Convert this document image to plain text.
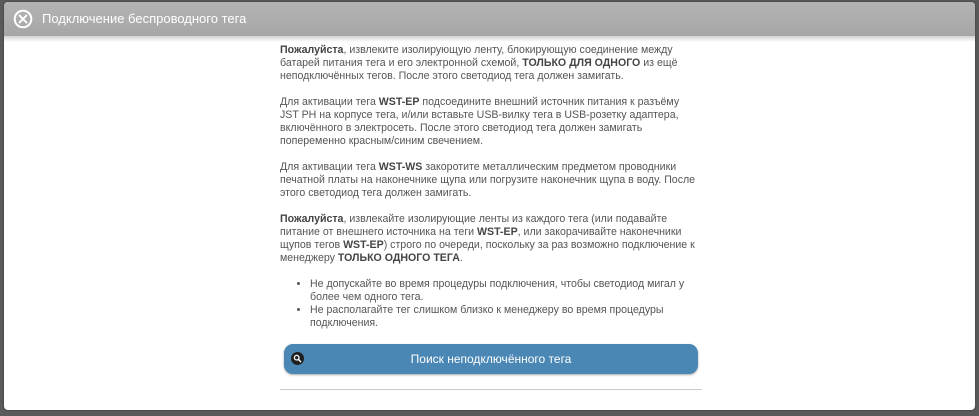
Подключение беспроводного тега

Пожалуйста, извлеките изолирующую ленту, блокирующую соединение между батарей питания тега и его электронной схемой, ТОЛЬКО ДЛЯ ОДНОГО из ещё неподключённых тегов. После этого светодиод тега должен замигать.

Для активации тега WST-EP подсоедините внешний источник питания к разъёму JST PH на корпусе тега, и/или вставьте USB-вилку тега в USB-розетку адаптера, включённого в электросеть. После этого светодиод тега должен замигать попеременно красным/синим свечением.

Для активации тега WST-WS закоротите металлическим предметом проводники печатной платы на наконечнике щупа или погрузите наконечник щупа в воду. После этого светодиод тега должен замигать.

Пожалуйста, извлекайте изолирующие ленты из каждого тега (или подавайте питание от внешнего источника на теги WST-EP, или закорачивайте наконечники щупов тегов WST-EP) строго по очереди, поскольку за раз возможно подключение к менеджеру ТОЛЬКО ОДНОГО ТЕГА.

• Не допускайте во время процедуры подключения, чтобы светодиод мигал у более чем одного тега.
• Не располагайте тег слишком близко к менеджеру во время процедуры подключения.
Поиск неподключённого тега
